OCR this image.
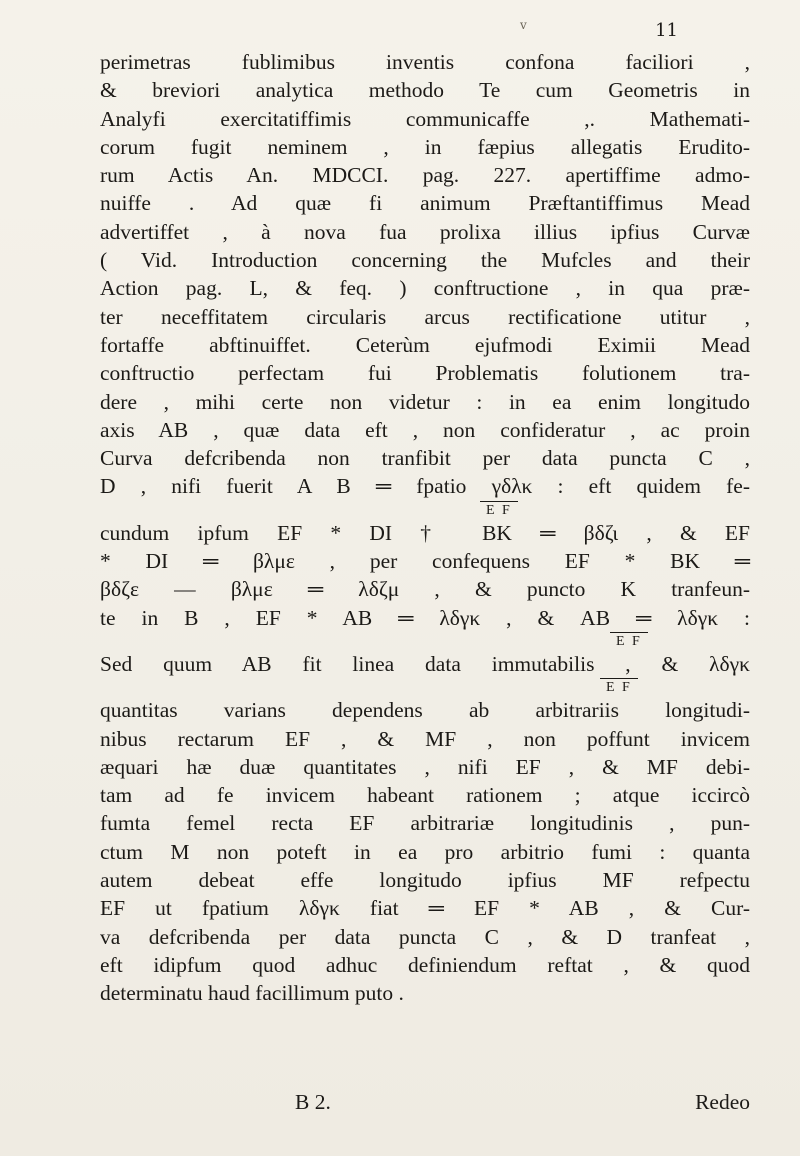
v	11
perimetras fublimibus inventis confona faciliori ,
& breviori analytica methodo Te cum Geometris in
Analyfi exercitatiffimis communicaffe ,. Mathemati-
corum fugit neminem , in fæpius allegatis Erudito-
rum Actis An. MDCCI. pag. 227. apertiffime admo-
nuiffe . Ad quæ fi animum Præftantiffimus Mead
advertiffet , à nova fua prolixa illius ipfius Curvæ
( Vid. Introduction concerning the Mufcles and their
Action pag. L, & feq. ) conftructione , in qua præ-
ter neceffitatem circularis arcus rectificatione utitur ,
fortaffe abftinuiffet. Ceterùm ejufmodi Eximii Mead
conftructio perfectam fui Problematis folutionem tra-
dere , mihi certe non videtur : in ea enim longitudo
axis AB , quæ data eft , non confideratur , ac proin
Curva defcribenda non tranfibit per data puncta C ,
D , nifi fuerit A B ═ fpatio γδλκ : eft quidem fe-
E F
cundum ipfum EF * DI † BK ═ βδζι , & EF
* DI ═ βλμε , per confequens EF * BK ═
βδζε — βλμε ═ λδζμ , & puncto K tranfeun-
te in B , EF * AB ═ λδγκ , & AB ═ λδγκ :
E F
Sed quum AB fit linea data immutabilis , & λδγκ
E F
quantitas varians dependens ab arbitrariis longitudi-
nibus rectarum EF , & MF , non poffunt invicem
æquari hæ duæ quantitates , nifi EF , & MF debi-
tam ad fe invicem habeant rationem ; atque iccircò
fumta femel recta EF arbitrariæ longitudinis , pun-
ctum M non poteft in ea pro arbitrio fumi : quanta
autem debeat effe longitudo ipfius MF refpectu
EF ut fpatium λδγκ fiat ═ EF * AB , & Cur-
va defcribenda per data puncta C , & D tranfeat ,
eft idipfum quod adhuc definiendum reftat , & quod
determinatu haud facillimum puto .
B 2.	Redeo
